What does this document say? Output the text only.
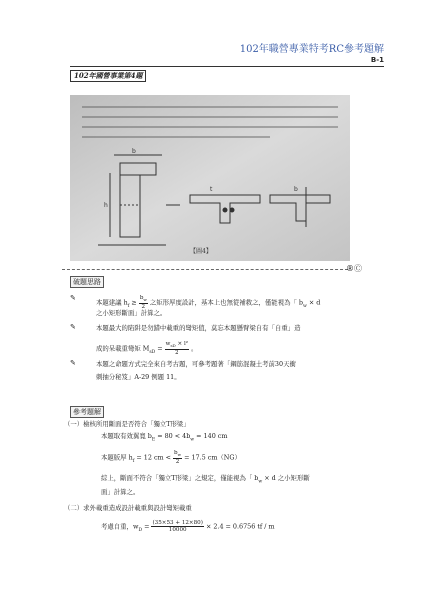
102年職營專業特考RC參考題解
B-1
102年國營事業第4題
b
h
t	b
【圖4】
®Ⓒ
破題思路
✎
本題建議 $h_f \ge \frac{b_w}{2}$ 之矩形厚度設計，基本上也無從補救之，僅能視為「 $b_w \times d$
之小矩形斷面」計算之。
✎	本題最大的陷阱是勿錯中載重的彎矩值，莫忘本題懸臂梁自有「自重」造
成的呆載重彎矩 $M_{sD} = \frac{w_{sD} \times l^2}{2}$ 。
✎	本題之命題方式完全來自考古題，可參考題著「鋼筋混凝土考前30天衝
刺抽分秘笈」A-29 例題 11。
參考題解
（一）檢核所用斷面是否符合「獨立T形梁」
本題取有效翼寬 $b_E = 80 < 4b_w = 140$ cm
本題版厚 $h_f = 12$ cm < $\frac{b_w}{2} = 17.5$ cm（NG）
綜上，斷面不符合「獨立T形梁」之規定，僅能視為「 $b_w \times d$ 之小矩形斷
面」計算之。
（二）求外載重造成設計載重與設計彎矩載重
考慮自重，$w_D = \frac{(35\times 53 + 12\times 80)}{10000} \times 2.4 = 0.6756$ tf / m
